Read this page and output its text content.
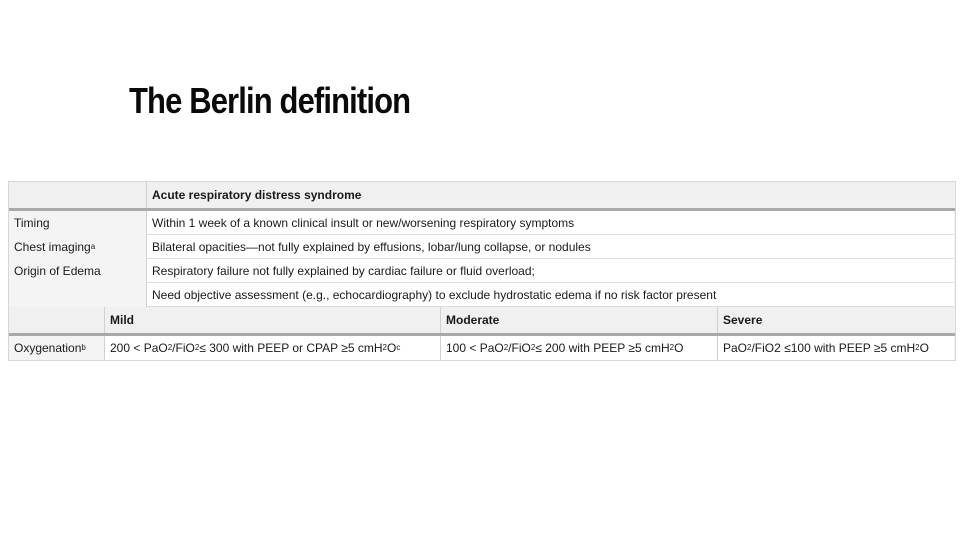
The Berlin definition
Acute respiratory distress syndrome
Timing	Within 1 week of a known clinical insult or new/worsening respiratory symptoms
Chest imaging a	Bilateral opacities—not fully explained by effusions, lobar/lung collapse, or nodules
Origin of Edema	Respiratory failure not fully explained by cardiac failure or fluid overload;
Need objective assessment (e.g., echocardiography) to exclude hydrostatic edema if no risk factor present
Mild	Moderate	Severe
Oxygenation b 200 < PaO 2 /FiO 2 ≤ 300 with PEEP or CPAP ≥5 cmH 2 O c	100 < PaO 2 /FiO 2 ≤ 200 with PEEP ≥5 cmH 2 O	PaO 2 /FiO2 ≤100 with PEEP ≥5 cmH 2 O
